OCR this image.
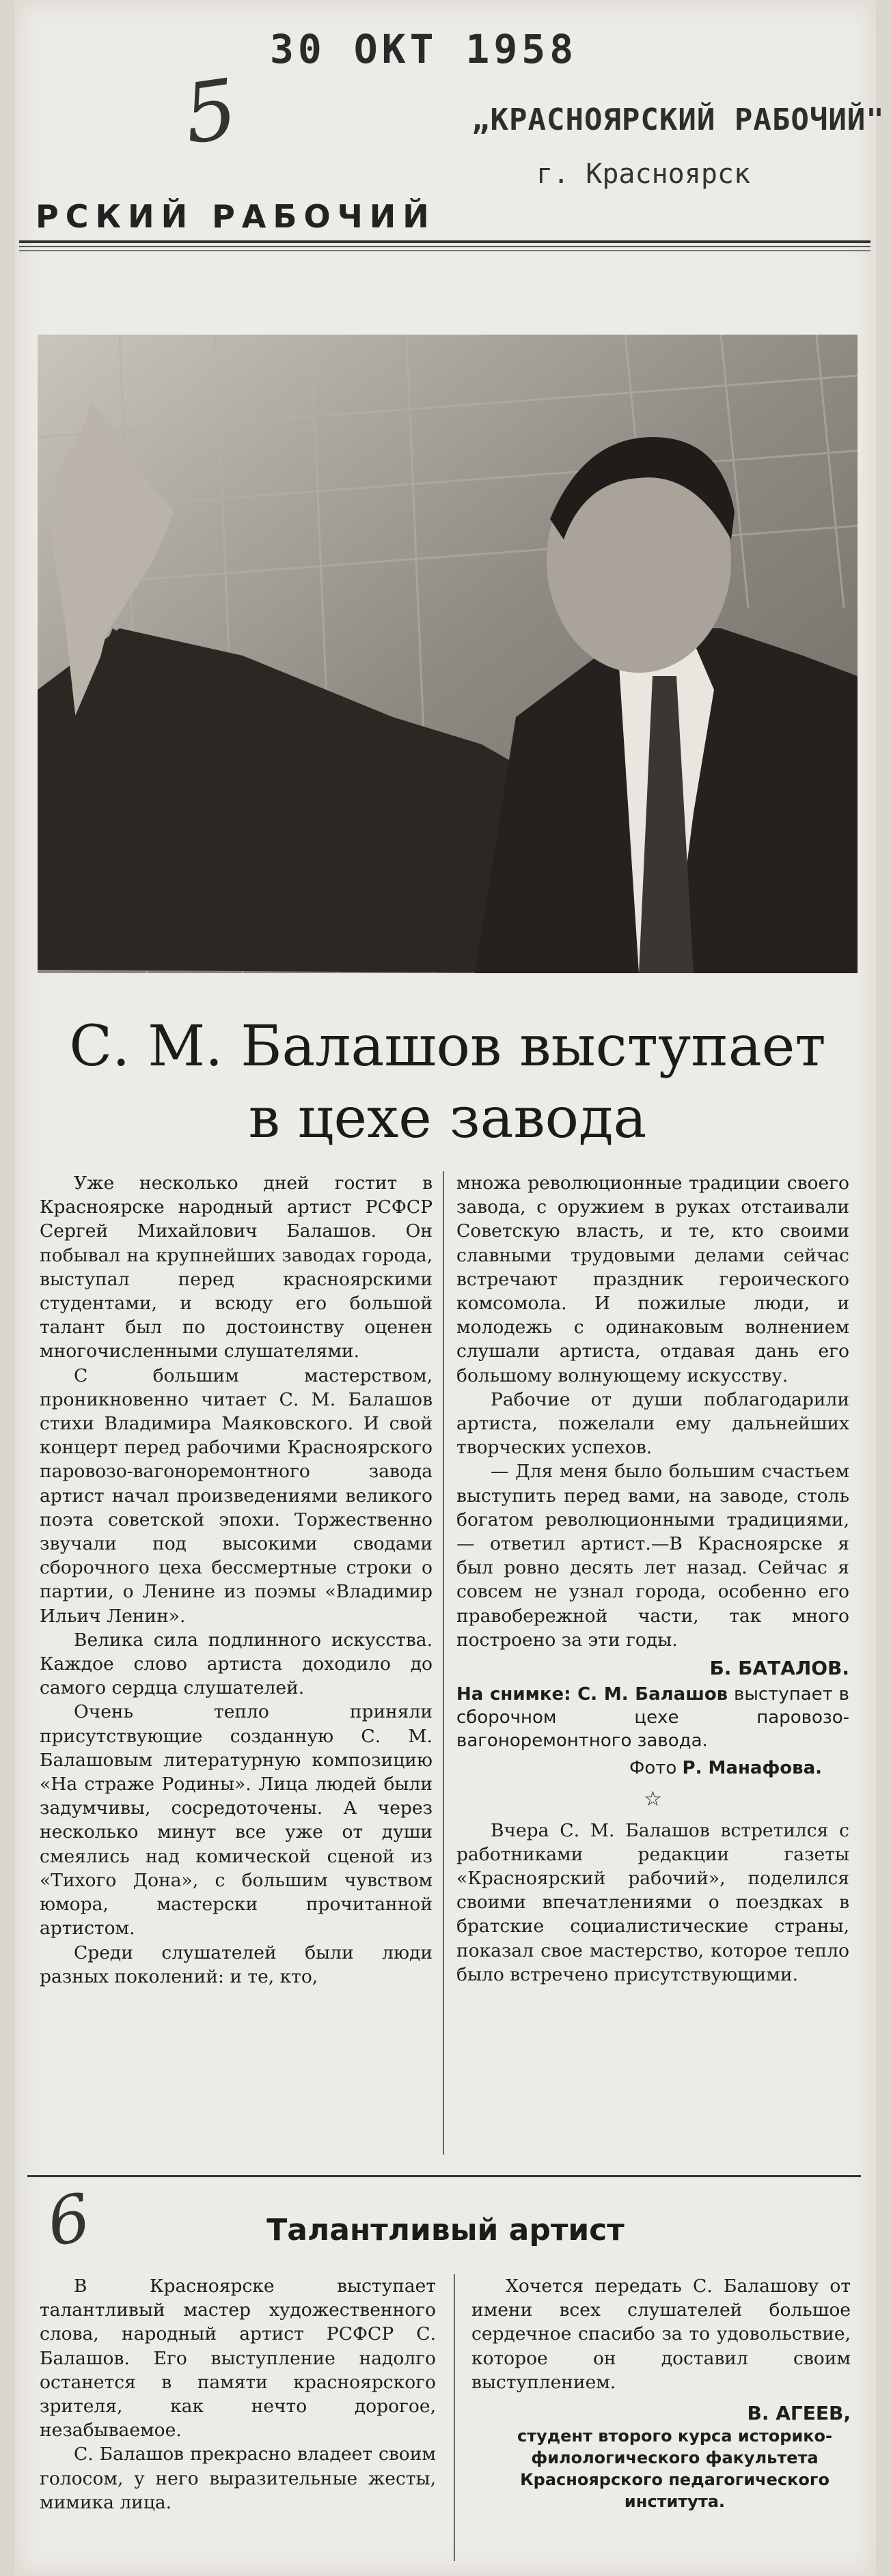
30 ОКТ 1958
5	„КРАСНОЯРСКИЙ РАБОЧИЙ"
г. Красноярск
РСКИЙ РАБОЧИЙ
С. М. Балашов выступает
в цехе завода

Уже несколько дней гостит в Красноярске народный артист РСФСР Сергей Михайлович Балашов. Он побывал на крупнейших заводах города, выступал перед красноярскими студентами, и всюду его большой талант был по достоинству оценен многочисленными слушателями.

С большим мастерством, проникновенно читает С. М. Балашов стихи Владимира Маяковского. И свой концерт перед рабочими Красноярского паровозо-вагоноремонтного завода артист начал произведениями великого поэта советской эпохи. Торжественно звучали под высокими сводами сборочного цеха бессмертные строки о партии, о Ленине из поэмы «Владимир Ильич Ленин».

Велика сила подлинного искусства. Каждое слово артиста доходило до самого сердца слушателей.

Очень тепло приняли присутствующие созданную С. М. Балашовым литературную композицию «На страже Родины». Лица людей были задумчивы, сосредоточены. А через несколько минут все уже от души смеялись над комической сценой из «Тихого Дона», с большим чувством юмора, мастерски прочитанной артистом.

Среди слушателей были люди разных поколений: и те, кто,

множа революционные традиции своего завода, с оружием в руках отстаивали Советскую власть, и те, кто своими славными трудовыми делами сейчас встречают праздник героического комсомола. И пожилые люди, и молодежь с одинаковым волнением слушали артиста, отдавая дань его большому волнующему искусству.

Рабочие от души поблагодарили артиста, пожелали ему дальнейших творческих успехов.

— Для меня было большим счастьем выступить перед вами, на заводе, столь богатом революционными традициями, — ответил артист.—В Красноярске я был ровно десять лет назад. Сейчас я совсем не узнал города, особенно его правобережной части, так много построено за эти годы.

Б. БАТАЛОВ.
На снимке: С. М. Балашов выступает в сборочном цехе паровозо-вагоноремонтного завода.
Фото Р. Манафова.
☆

Вчера С. М. Балашов встретился с работниками редакции газеты «Красноярский рабочий», поделился своими впечатлениями о поездках в братские социалистические страны, показал свое мастерство, которое тепло было встречено присутствующими.

6	Талантливый артист

В Красноярске выступает талантливый мастер художественного слова, народный артист РСФСР С. Балашов. Его выступление надолго останется в памяти красноярского зрителя, как нечто дорогое, незабываемое.

С. Балашов прекрасно владеет своим голосом, у него выразительные жесты, мимика лица.

Хочется передать С. Балашову от имени всех слушателей большое сердечное спасибо за то удовольствие, которое он доставил своим выступлением.

В. АГЕЕВ,
студент второго курса историко-филологического факультета Красноярского педагогического института.
